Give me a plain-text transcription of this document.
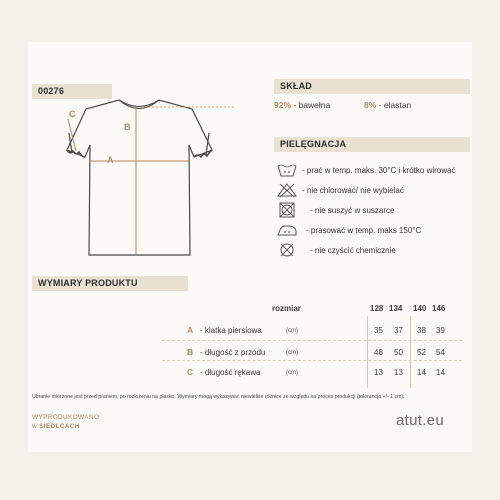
00276
A
B
C
SKŁAD
92% - bawełna	8% - elastan
PIELĘGNACJA
- prać w temp. maks. 30°C i krótko wirować
- nie chlorować/ nie wybielać
- nie suszyć w suszarce
- prasować w temp. maks 150°C
- nie czyścić chemicznie
WYMIARY PRODUKTU
rozmiar	128 134 140 146
A - klatka piersiowa	(cm)	35 37 38 39
B - długość z przodu	(cm)	48 50 52 54
C - długość rękawa	(cm)	13 13 14 14
Ubranie mierzone jest przed praniem, po rozłożeniu na płasko. Wymiary mogą wykazywać niewielkie różnice ze względu na proces produkcji (tolerancja +/- 1 cm).
WYPRODUKOWANO
w SIEDLCACH	atut.eu
